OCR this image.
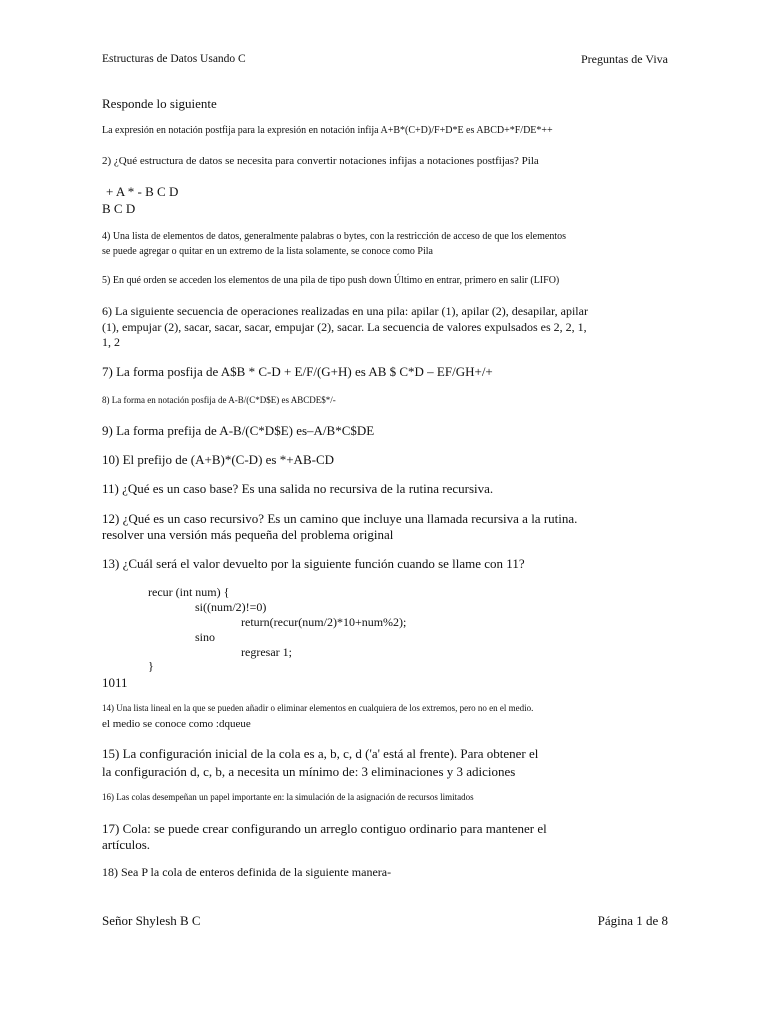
Estructuras de Datos Usando C	Preguntas de Viva

Responde lo siguiente

La expresión en notación postfija para la expresión en notación infija A+B*(C+D)/F+D*E es ABCD+*F/DE*++

2) ¿Qué estructura de datos se necesita para convertir notaciones infijas a notaciones postfijas? Pila

+ A * - B C D

B C D

4) Una lista de elementos de datos, generalmente palabras o bytes, con la restricción de acceso de que los elementos

se puede agregar o quitar en un extremo de la lista solamente, se conoce como Pila

5) En qué orden se acceden los elementos de una pila de tipo push down Último en entrar, primero en salir (LIFO)

6) La siguiente secuencia de operaciones realizadas en una pila: apilar (1), apilar (2), desapilar, apilar

(1), empujar (2), sacar, sacar, sacar, empujar (2), sacar. La secuencia de valores expulsados es 2, 2, 1,

1, 2

7) La forma posfija de A$B * C-D + E/F/(G+H) es AB $ C*D – EF/GH+/+

8) La forma en notación posfija de A-B/(C*D$E) es ABCDE$*/-

9) La forma prefija de A-B/(C*D$E) es–A/B*C$DE

10) El prefijo de (A+B)*(C-D) es *+AB-CD

11) ¿Qué es un caso base? Es una salida no recursiva de la rutina recursiva.

12) ¿Qué es un caso recursivo? Es un camino que incluye una llamada recursiva a la rutina.

resolver una versión más pequeña del problema original

13) ¿Cuál será el valor devuelto por la siguiente función cuando se llame con 11?

recur (int num) {

si((num/2)!=0)

return(recur(num/2)*10+num%2);

sino

regresar 1;

}

1011

14) Una lista lineal en la que se pueden añadir o eliminar elementos en cualquiera de los extremos, pero no en el medio.

el medio se conoce como :dqueue

15) La configuración inicial de la cola es a, b, c, d ('a' está al frente). Para obtener el

la configuración d, c, b, a necesita un mínimo de: 3 eliminaciones y 3 adiciones

16) Las colas desempeñan un papel importante en: la simulación de la asignación de recursos limitados

17) Cola: se puede crear configurando un arreglo contiguo ordinario para mantener el

artículos.

18) Sea P la cola de enteros definida de la siguiente manera-

Señor Shylesh B C	Página 1 de 8
